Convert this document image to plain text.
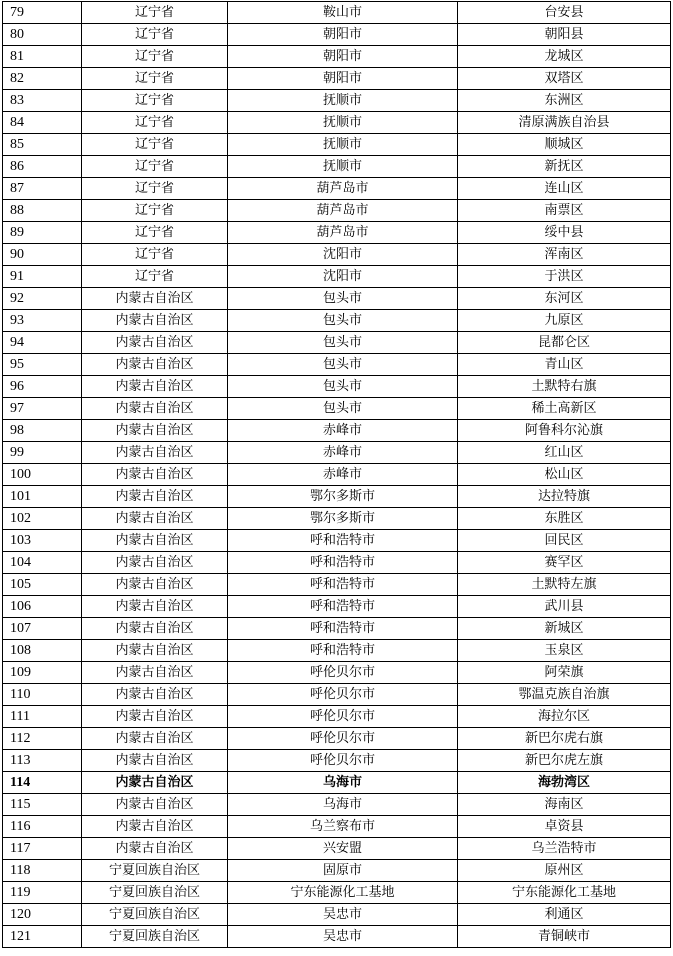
79	辽宁省	鞍山市	台安县
80	辽宁省	朝阳市	朝阳县
81	辽宁省	朝阳市	龙城区
82	辽宁省	朝阳市	双塔区
83	辽宁省	抚顺市	东洲区
84	辽宁省	抚顺市	清原满族自治县
85	辽宁省	抚顺市	顺城区
86	辽宁省	抚顺市	新抚区
87	辽宁省	葫芦岛市	连山区
88	辽宁省	葫芦岛市	南票区
89	辽宁省	葫芦岛市	绥中县
90	辽宁省	沈阳市	浑南区
91	辽宁省	沈阳市	于洪区
92	内蒙古自治区	包头市	东河区
93	内蒙古自治区	包头市	九原区
94	内蒙古自治区	包头市	昆都仑区
95	内蒙古自治区	包头市	青山区
96	内蒙古自治区	包头市	土默特右旗
97	内蒙古自治区	包头市	稀土高新区
98	内蒙古自治区	赤峰市	阿鲁科尔沁旗
99	内蒙古自治区	赤峰市	红山区
100	内蒙古自治区	赤峰市	松山区
101	内蒙古自治区	鄂尔多斯市	达拉特旗
102	内蒙古自治区	鄂尔多斯市	东胜区
103	内蒙古自治区	呼和浩特市	回民区
104	内蒙古自治区	呼和浩特市	赛罕区
105	内蒙古自治区	呼和浩特市	土默特左旗
106	内蒙古自治区	呼和浩特市	武川县
107	内蒙古自治区	呼和浩特市	新城区
108	内蒙古自治区	呼和浩特市	玉泉区
109	内蒙古自治区	呼伦贝尔市	阿荣旗
110	内蒙古自治区	呼伦贝尔市	鄂温克族自治旗
111	内蒙古自治区	呼伦贝尔市	海拉尔区
112	内蒙古自治区	呼伦贝尔市	新巴尔虎右旗
113	内蒙古自治区	呼伦贝尔市	新巴尔虎左旗
114	内蒙古自治区	乌海市	海勃湾区
115	内蒙古自治区	乌海市	海南区
116	内蒙古自治区	乌兰察布市	卓资县
117	内蒙古自治区	兴安盟	乌兰浩特市
118	宁夏回族自治区	固原市	原州区
119	宁夏回族自治区	宁东能源化工基地	宁东能源化工基地
120	宁夏回族自治区	吴忠市	利通区
121	宁夏回族自治区	吴忠市	青铜峡市
